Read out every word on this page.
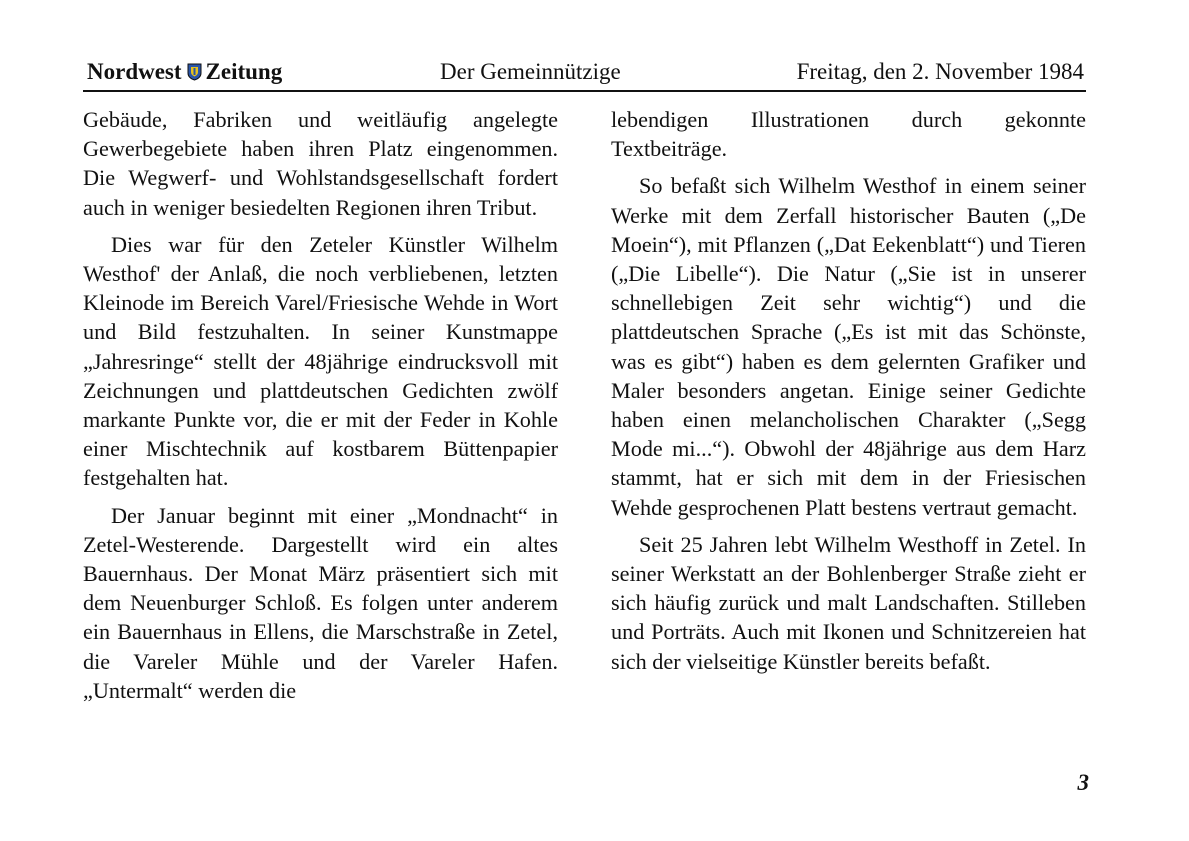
Nordwest Zeitung	Der Gemeinnützige	Freitag, den 2. November 1984

Gebäude, Fabriken und weitläufig angelegte Gewerbegebiete haben ihren Platz eingenommen. Die Wegwerf- und Wohlstandsgesellschaft fordert auch in weniger besiedelten Regionen ihren Tribut.

Dies war für den Zeteler Künstler Wilhelm Westhof' der Anlaß, die noch verbliebenen, letzten Kleinode im Bereich Varel/Friesische Wehde in Wort und Bild festzuhalten. In seiner Kunstmappe „Jahresringe“ stellt der 48jährige eindrucksvoll mit Zeichnungen und plattdeutschen Gedichten zwölf markante Punkte vor, die er mit der Feder in Kohle einer Mischtechnik auf kostbarem Büttenpapier festgehalten hat.

Der Januar beginnt mit einer „Mondnacht“ in Zetel-Westerende. Dargestellt wird ein altes Bauernhaus. Der Monat März präsentiert sich mit dem Neuenburger Schloß. Es folgen unter anderem ein Bauernhaus in Ellens, die Marschstraße in Zetel, die Vareler Mühle und der Vareler Hafen. „Untermalt“ werden die

lebendigen Illustrationen durch gekonnte Textbeiträge.

So befaßt sich Wilhelm Westhof in einem seiner Werke mit dem Zerfall historischer Bauten („De Moein“), mit Pflanzen („Dat Eekenblatt“) und Tieren („Die Libelle“). Die Natur („Sie ist in unserer schnellebigen Zeit sehr wichtig“) und die plattdeutschen Sprache („Es ist mit das Schönste, was es gibt“) haben es dem gelernten Grafiker und Maler besonders angetan. Einige seiner Gedichte haben einen melancholischen Charakter („Segg Mode mi...“). Obwohl der 48jährige aus dem Harz stammt, hat er sich mit dem in der Friesischen Wehde gesprochenen Platt bestens vertraut gemacht.

Seit 25 Jahren lebt Wilhelm Westhoff in Zetel. In seiner Werkstatt an der Bohlenberger Straße zieht er sich häufig zurück und malt Landschaften. Stilleben und Porträts. Auch mit Ikonen und Schnitzereien hat sich der vielseitige Künstler bereits befaßt.

3
